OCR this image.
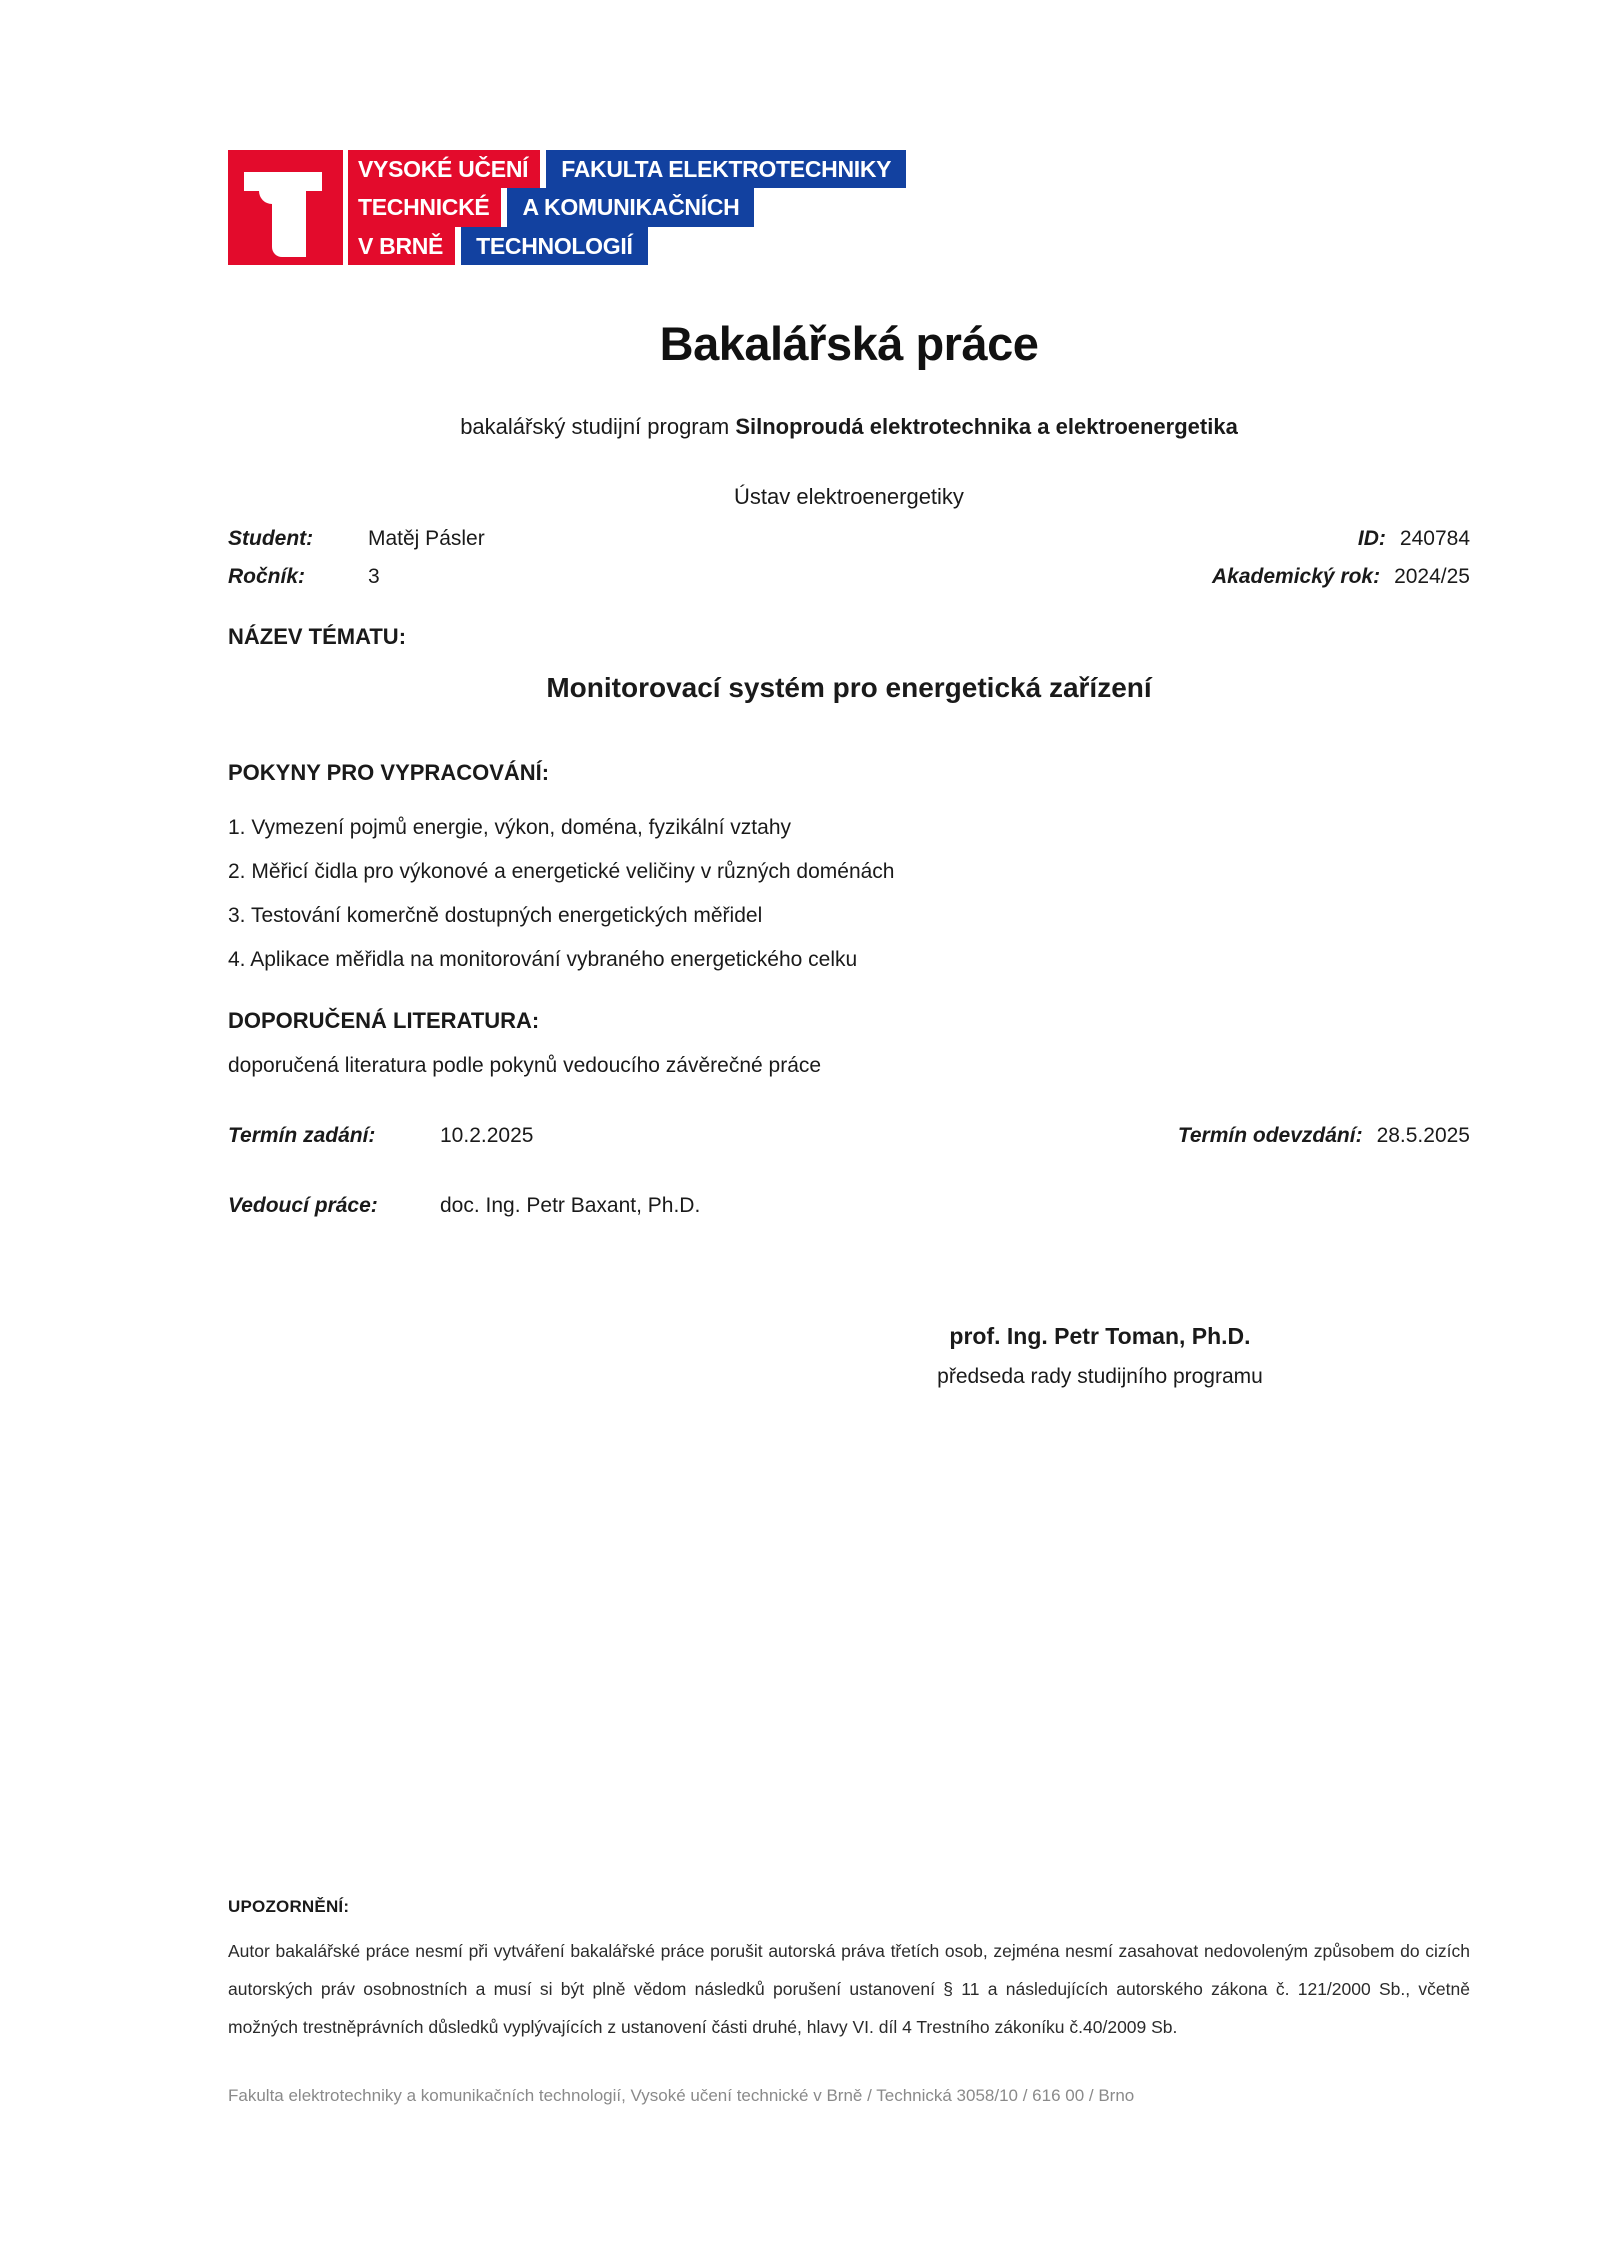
VYSOKÉ UČENÍ	FAKULTA ELEKTROTECHNIKY
TECHNICKÉ	A KOMUNIKAČNÍCH
V BRNĚ	TECHNOLOGIÍ
Bakalářská práce
bakalářský studijní program Silnoproudá elektrotechnika a elektroenergetika
Ústav elektroenergetiky
Student:	Matěj Pásler	ID: 240784
Ročník:	3	Akademický rok: 2024/25
NÁZEV TÉMATU:
Monitorovací systém pro energetická zařízení
POKYNY PRO VYPRACOVÁNÍ:
1. Vymezení pojmů energie, výkon, doména, fyzikální vztahy
2. Měřicí čidla pro výkonové a energetické veličiny v různých doménách
3. Testování komerčně dostupných energetických měřidel
4. Aplikace měřidla na monitorování vybraného energetického celku
DOPORUČENÁ LITERATURA:
doporučená literatura podle pokynů vedoucího závěrečné práce
Termín zadání:	10.2.2025	Termín odevzdání: 28.5.2025
Vedoucí práce:	doc. Ing. Petr Baxant, Ph.D.
prof. Ing. Petr Toman, Ph.D.
předseda rady studijního programu
UPOZORNĚNÍ:
Autor bakalářské práce nesmí při vytváření bakalářské práce porušit autorská práva třetích osob, zejména nesmí zasahovat nedovoleným způsobem do cizích autorských práv osobnostních a musí si být plně vědom následků porušení ustanovení § 11 a následujících autorského zákona č. 121/2000 Sb., včetně možných trestněprávních důsledků vyplývajících z ustanovení části druhé, hlavy VI. díl 4 Trestního zákoníku č.40/2009 Sb.
Fakulta elektrotechniky a komunikačních technologií, Vysoké učení technické v Brně / Technická 3058/10 / 616 00 / Brno
